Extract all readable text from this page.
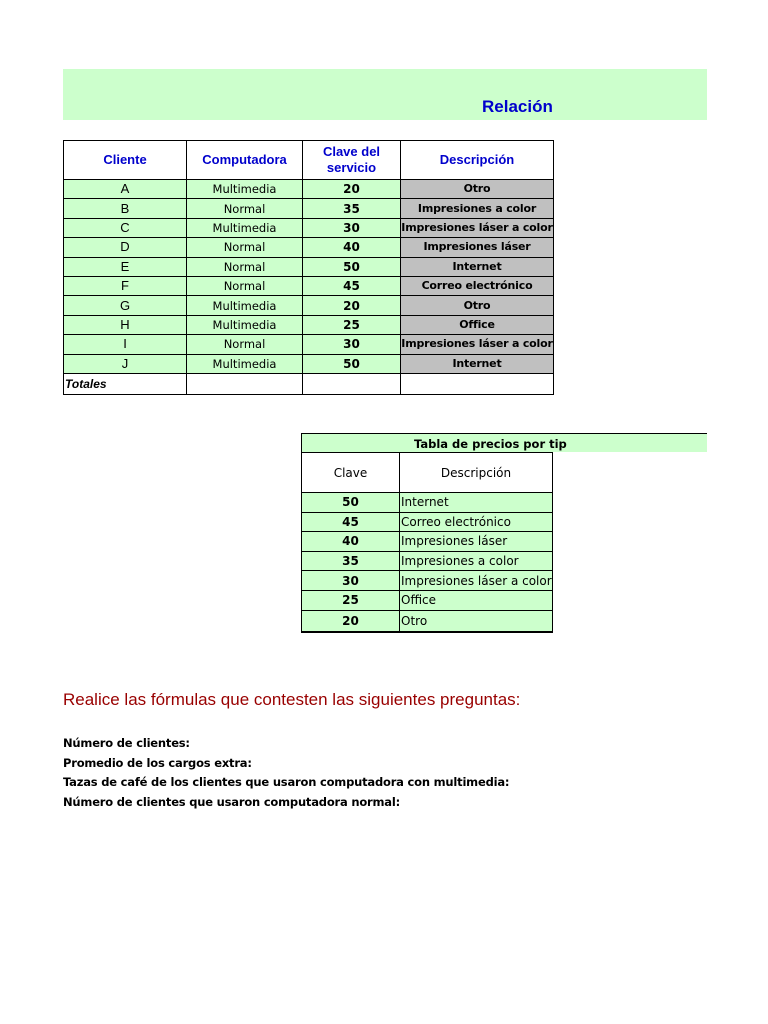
Relación
Cliente	Computadora	Clave del servicio	Descripción
A	Multimedia	20	Otro
B	Normal	35	Impresiones a color
C	Multimedia	30	Impresiones láser a color
D	Normal	40	Impresiones láser
E	Normal	50	Internet
F	Normal	45	Correo electrónico
G	Multimedia	20	Otro
H	Multimedia	25	Office
I	Normal	30	Impresiones láser a color
J	Multimedia	50	Internet
Totales			
Tabla de precios por tip
Clave	Descripción
50	Internet
45	Correo electrónico
40	Impresiones láser
35	Impresiones a color
30	Impresiones láser a color
25	Office
20	Otro
Realice las fórmulas que contesten las siguientes preguntas:
Número de clientes:
Promedio de los cargos extra:
Tazas de café de los clientes que usaron computadora con multimedia:
Número de clientes que usaron computadora normal:
